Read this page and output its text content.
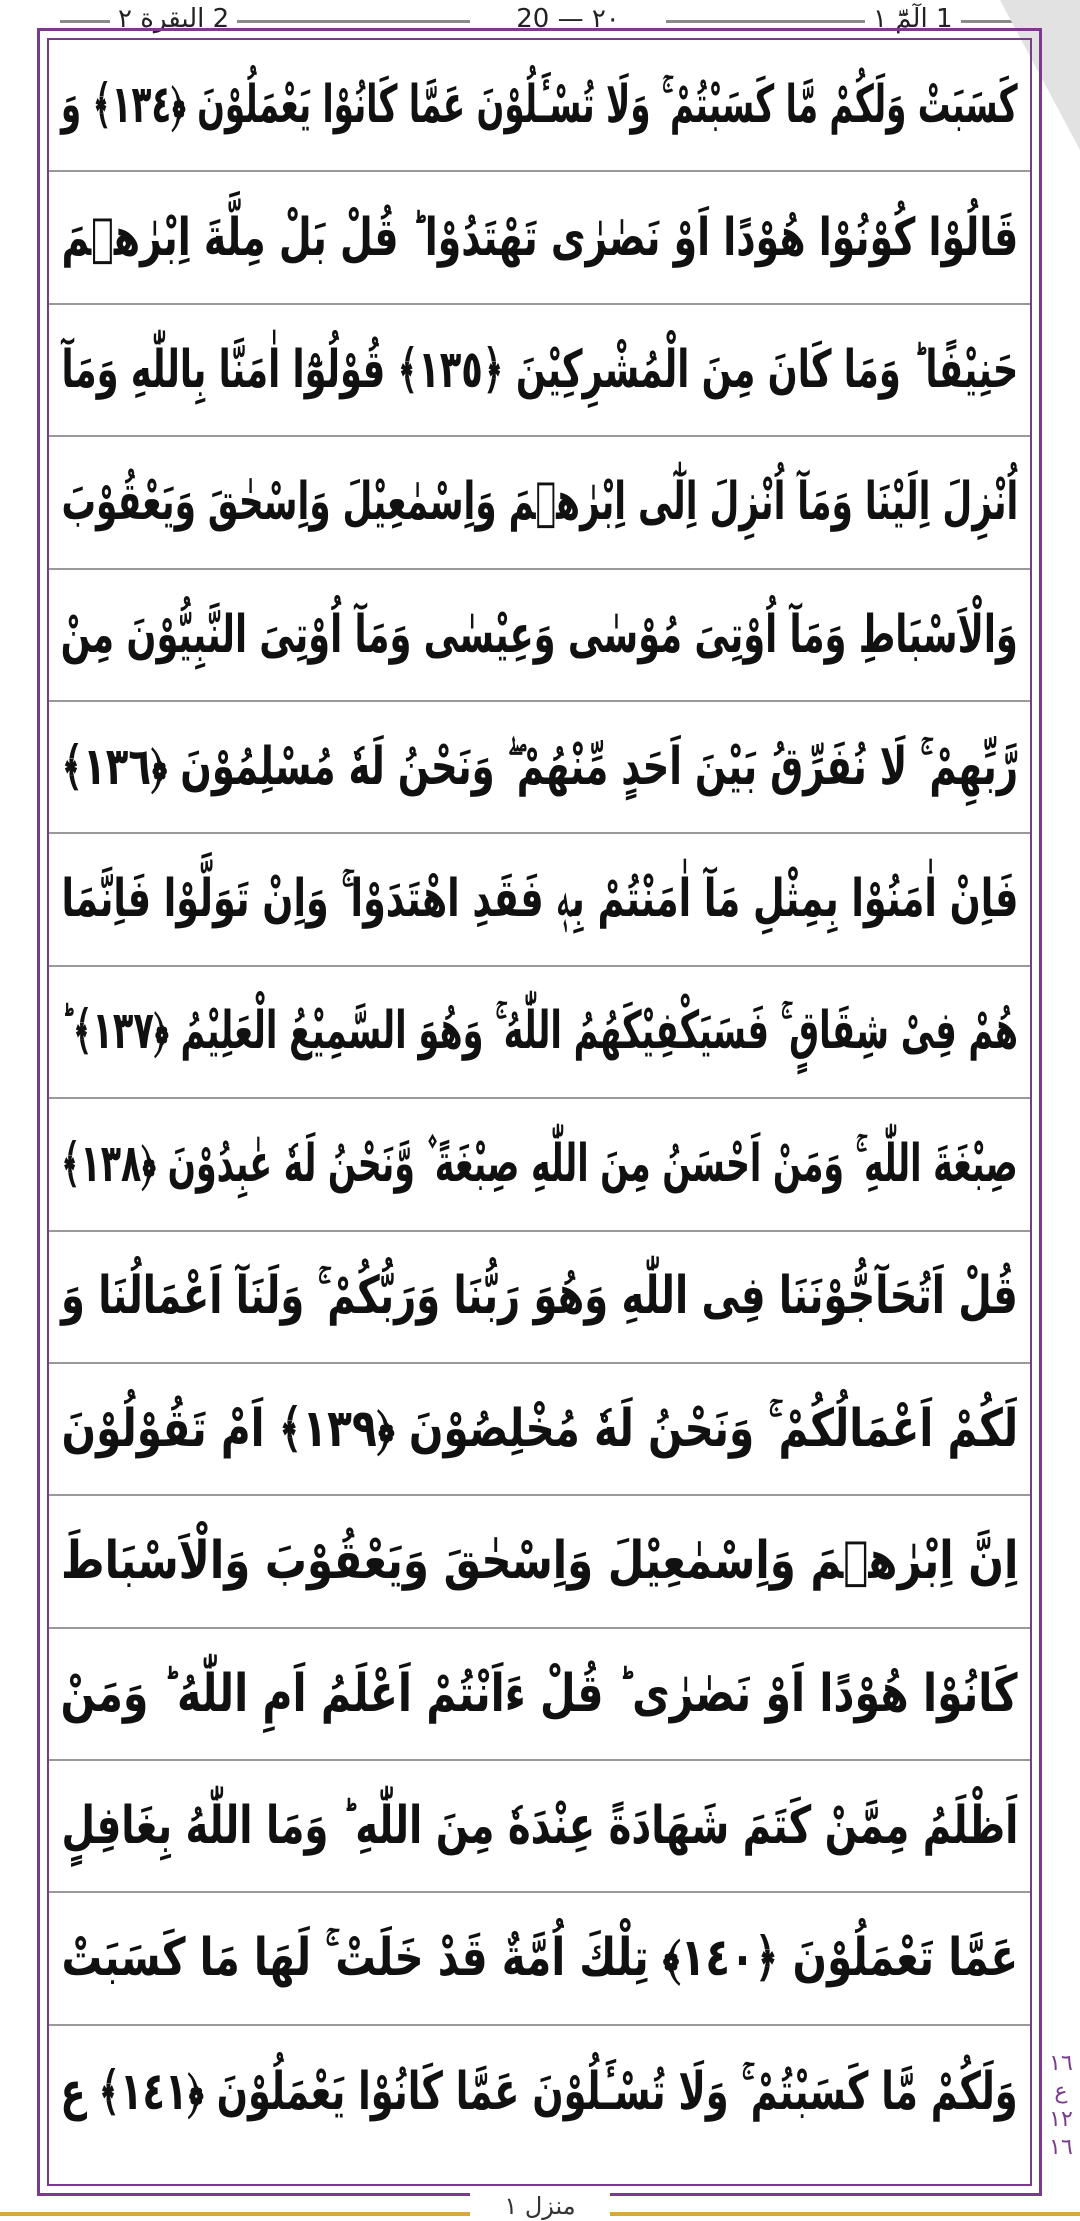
1 الٓمّٓ ١
٢٠ — 20
2 البقرة ٢
كَسَبَتْ وَلَكُمْ مَّا كَسَبْتُمْ ۚ وَلَا تُسْـَٔلُوْنَ عَمَّا كَانُوْا يَعْمَلُوْنَ ﴿١٣٤﴾ وَ
قَالُوْا كُوْنُوْا هُوْدًا اَوْ نَصٰرٰى تَهْتَدُوْا ؕ قُلْ بَلْ مِلَّةَ اِبْرٰهٖمَ
حَنِيْفًا ؕ وَمَا كَانَ مِنَ الْمُشْرِكِيْنَ ﴿١٣٥﴾ قُوْلُوْٓا اٰمَنَّا بِاللّٰهِ وَمَآ
اُنْزِلَ اِلَيْنَا وَمَآ اُنْزِلَ اِلٰٓى اِبْرٰهٖمَ وَاِسْمٰعِيْلَ وَاِسْحٰقَ وَيَعْقُوْبَ
وَالْاَسْبَاطِ وَمَآ اُوْتِىَ مُوْسٰى وَعِيْسٰى وَمَآ اُوْتِىَ النَّبِيُّوْنَ مِنْ
رَّبِّهِمْ ۚ لَا نُفَرِّقُ بَيْنَ اَحَدٍ مِّنْهُمْ ۖ وَنَحْنُ لَهٗ مُسْلِمُوْنَ ﴿١٣٦﴾
فَاِنْ اٰمَنُوْا بِمِثْلِ مَآ اٰمَنْتُمْ بِهٖ فَقَدِ اهْتَدَوْا ۚ وَاِنْ تَوَلَّوْا فَاِنَّمَا
هُمْ فِىْ شِقَاقٍ ۚ فَسَيَكْفِيْكَهُمُ اللّٰهُ ۚ وَهُوَ السَّمِيْعُ الْعَلِيْمُ ﴿١٣٧﴾ ؕ
صِبْغَةَ اللّٰهِ ۚ وَمَنْ اَحْسَنُ مِنَ اللّٰهِ صِبْغَةً ۫ وَّنَحْنُ لَهٗ عٰبِدُوْنَ ﴿١٣٨﴾
قُلْ اَتُحَآجُّوْنَنَا فِى اللّٰهِ وَهُوَ رَبُّنَا وَرَبُّكُمْ ۚ وَلَنَآ اَعْمَالُنَا وَ
لَكُمْ اَعْمَالُكُمْ ۚ وَنَحْنُ لَهٗ مُخْلِصُوْنَ ﴿١٣٩﴾ اَمْ تَقُوْلُوْنَ
اِنَّ اِبْرٰهٖمَ وَاِسْمٰعِيْلَ وَاِسْحٰقَ وَيَعْقُوْبَ وَالْاَسْبَاطَ
كَانُوْا هُوْدًا اَوْ نَصٰرٰى ؕ قُلْ ءَاَنْتُمْ اَعْلَمُ اَمِ اللّٰهُ ؕ وَمَنْ
اَظْلَمُ مِمَّنْ كَتَمَ شَهَادَةً عِنْدَهٗ مِنَ اللّٰهِ ؕ وَمَا اللّٰهُ بِغَافِلٍ
عَمَّا تَعْمَلُوْنَ ﴿١٤٠﴾ تِلْكَ اُمَّةٌ قَدْ خَلَتْ ۚ لَهَا مَا كَسَبَتْ
وَلَكُمْ مَّا كَسَبْتُمْ ۚ وَلَا تُسْـَٔلُوْنَ عَمَّا كَانُوْا يَعْمَلُوْنَ ﴿١٤١﴾ ع ١٦ ع ١٢ ١٦
منزل ١
